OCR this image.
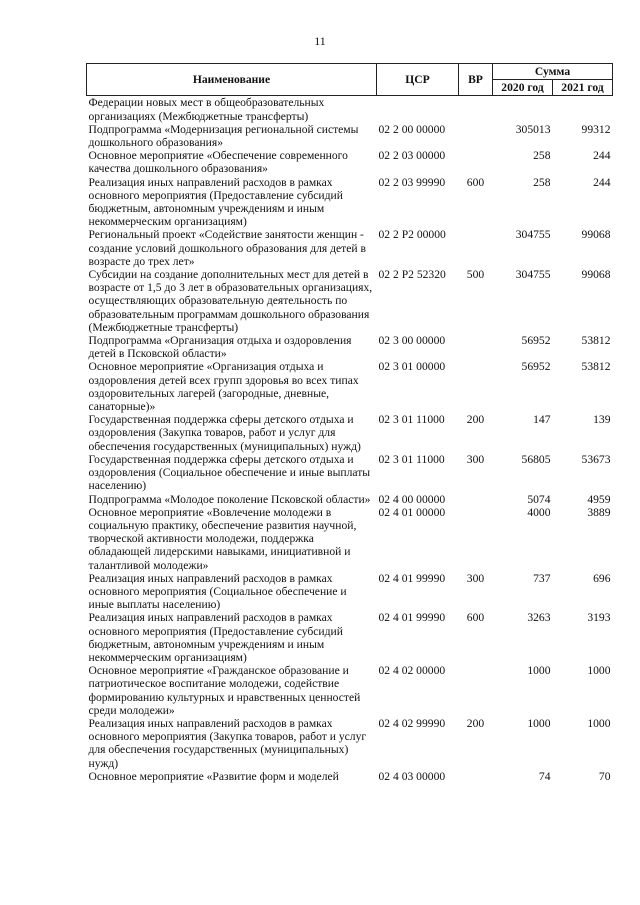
11
Наименование	ЦСР	ВР	Сумма	
			2020 год	2021 год
Федерации новых мест в общеобразовательных организациях (Межбюджетные трансферты)				
Подпрограмма «Модернизация региональной системы дошкольного образования»	02 2 00 00000		305013	99312
Основное мероприятие «Обеспечение современного качества дошкольного образования»	02 2 03 00000		258	244
Реализация иных направлений расходов в рамках основного мероприятия (Предоставление субсидий бюджетным, автономным учреждениям и иным некоммерческим организациям)	02 2 03 99990	600	258	244
Региональный проект «Содействие занятости женщин - создание условий дошкольного образования для детей в возрасте до трех лет»	02 2 P2 00000		304755	99068
Субсидии на создание дополнительных мест для детей в возрасте от 1,5 до 3 лет в образовательных организациях, осуществляющих образовательную деятельность по образовательным программам дошкольного образования (Межбюджетные трансферты)	02 2 P2 52320	500	304755	99068
Подпрограмма «Организация отдыха и оздоровления детей в Псковской области»	02 3 00 00000		56952	53812
Основное мероприятие «Организация отдыха и оздоровления детей всех групп здоровья во всех типах оздоровительных лагерей (загородные, дневные, санаторные)»	02 3 01 00000		56952	53812
Государственная поддержка сферы детского отдыха и оздоровления (Закупка товаров, работ и услуг для обеспечения государственных (муниципальных) нужд)	02 3 01 11000	200	147	139
Государственная поддержка сферы детского отдыха и оздоровления (Социальное обеспечение и иные выплаты населению)	02 3 01 11000	300	56805	53673
Подпрограмма «Молодое поколение Псковской области»	02 4 00 00000		5074	4959
Основное мероприятие «Вовлечение молодежи в социальную практику, обеспечение развития научной, творческой активности молодежи, поддержка обладающей лидерскими навыками, инициативной и талантливой молодежи»	02 4 01 00000		4000	3889
Реализация иных направлений расходов в рамках основного мероприятия (Социальное обеспечение и иные выплаты населению)	02 4 01 99990	300	737	696
Реализация иных направлений расходов в рамках основного мероприятия (Предоставление субсидий бюджетным, автономным учреждениям и иным некоммерческим организациям)	02 4 01 99990	600	3263	3193
Основное мероприятие «Гражданское образование и патриотическое воспитание молодежи, содействие формированию культурных и нравственных ценностей среди молодежи»	02 4 02 00000		1000	1000
Реализация иных направлений расходов в рамках основного мероприятия (Закупка товаров, работ и услуг для обеспечения государственных (муниципальных) нужд)	02 4 02 99990	200	1000	1000
Основное мероприятие «Развитие форм и моделей	02 4 03 00000		74	70
